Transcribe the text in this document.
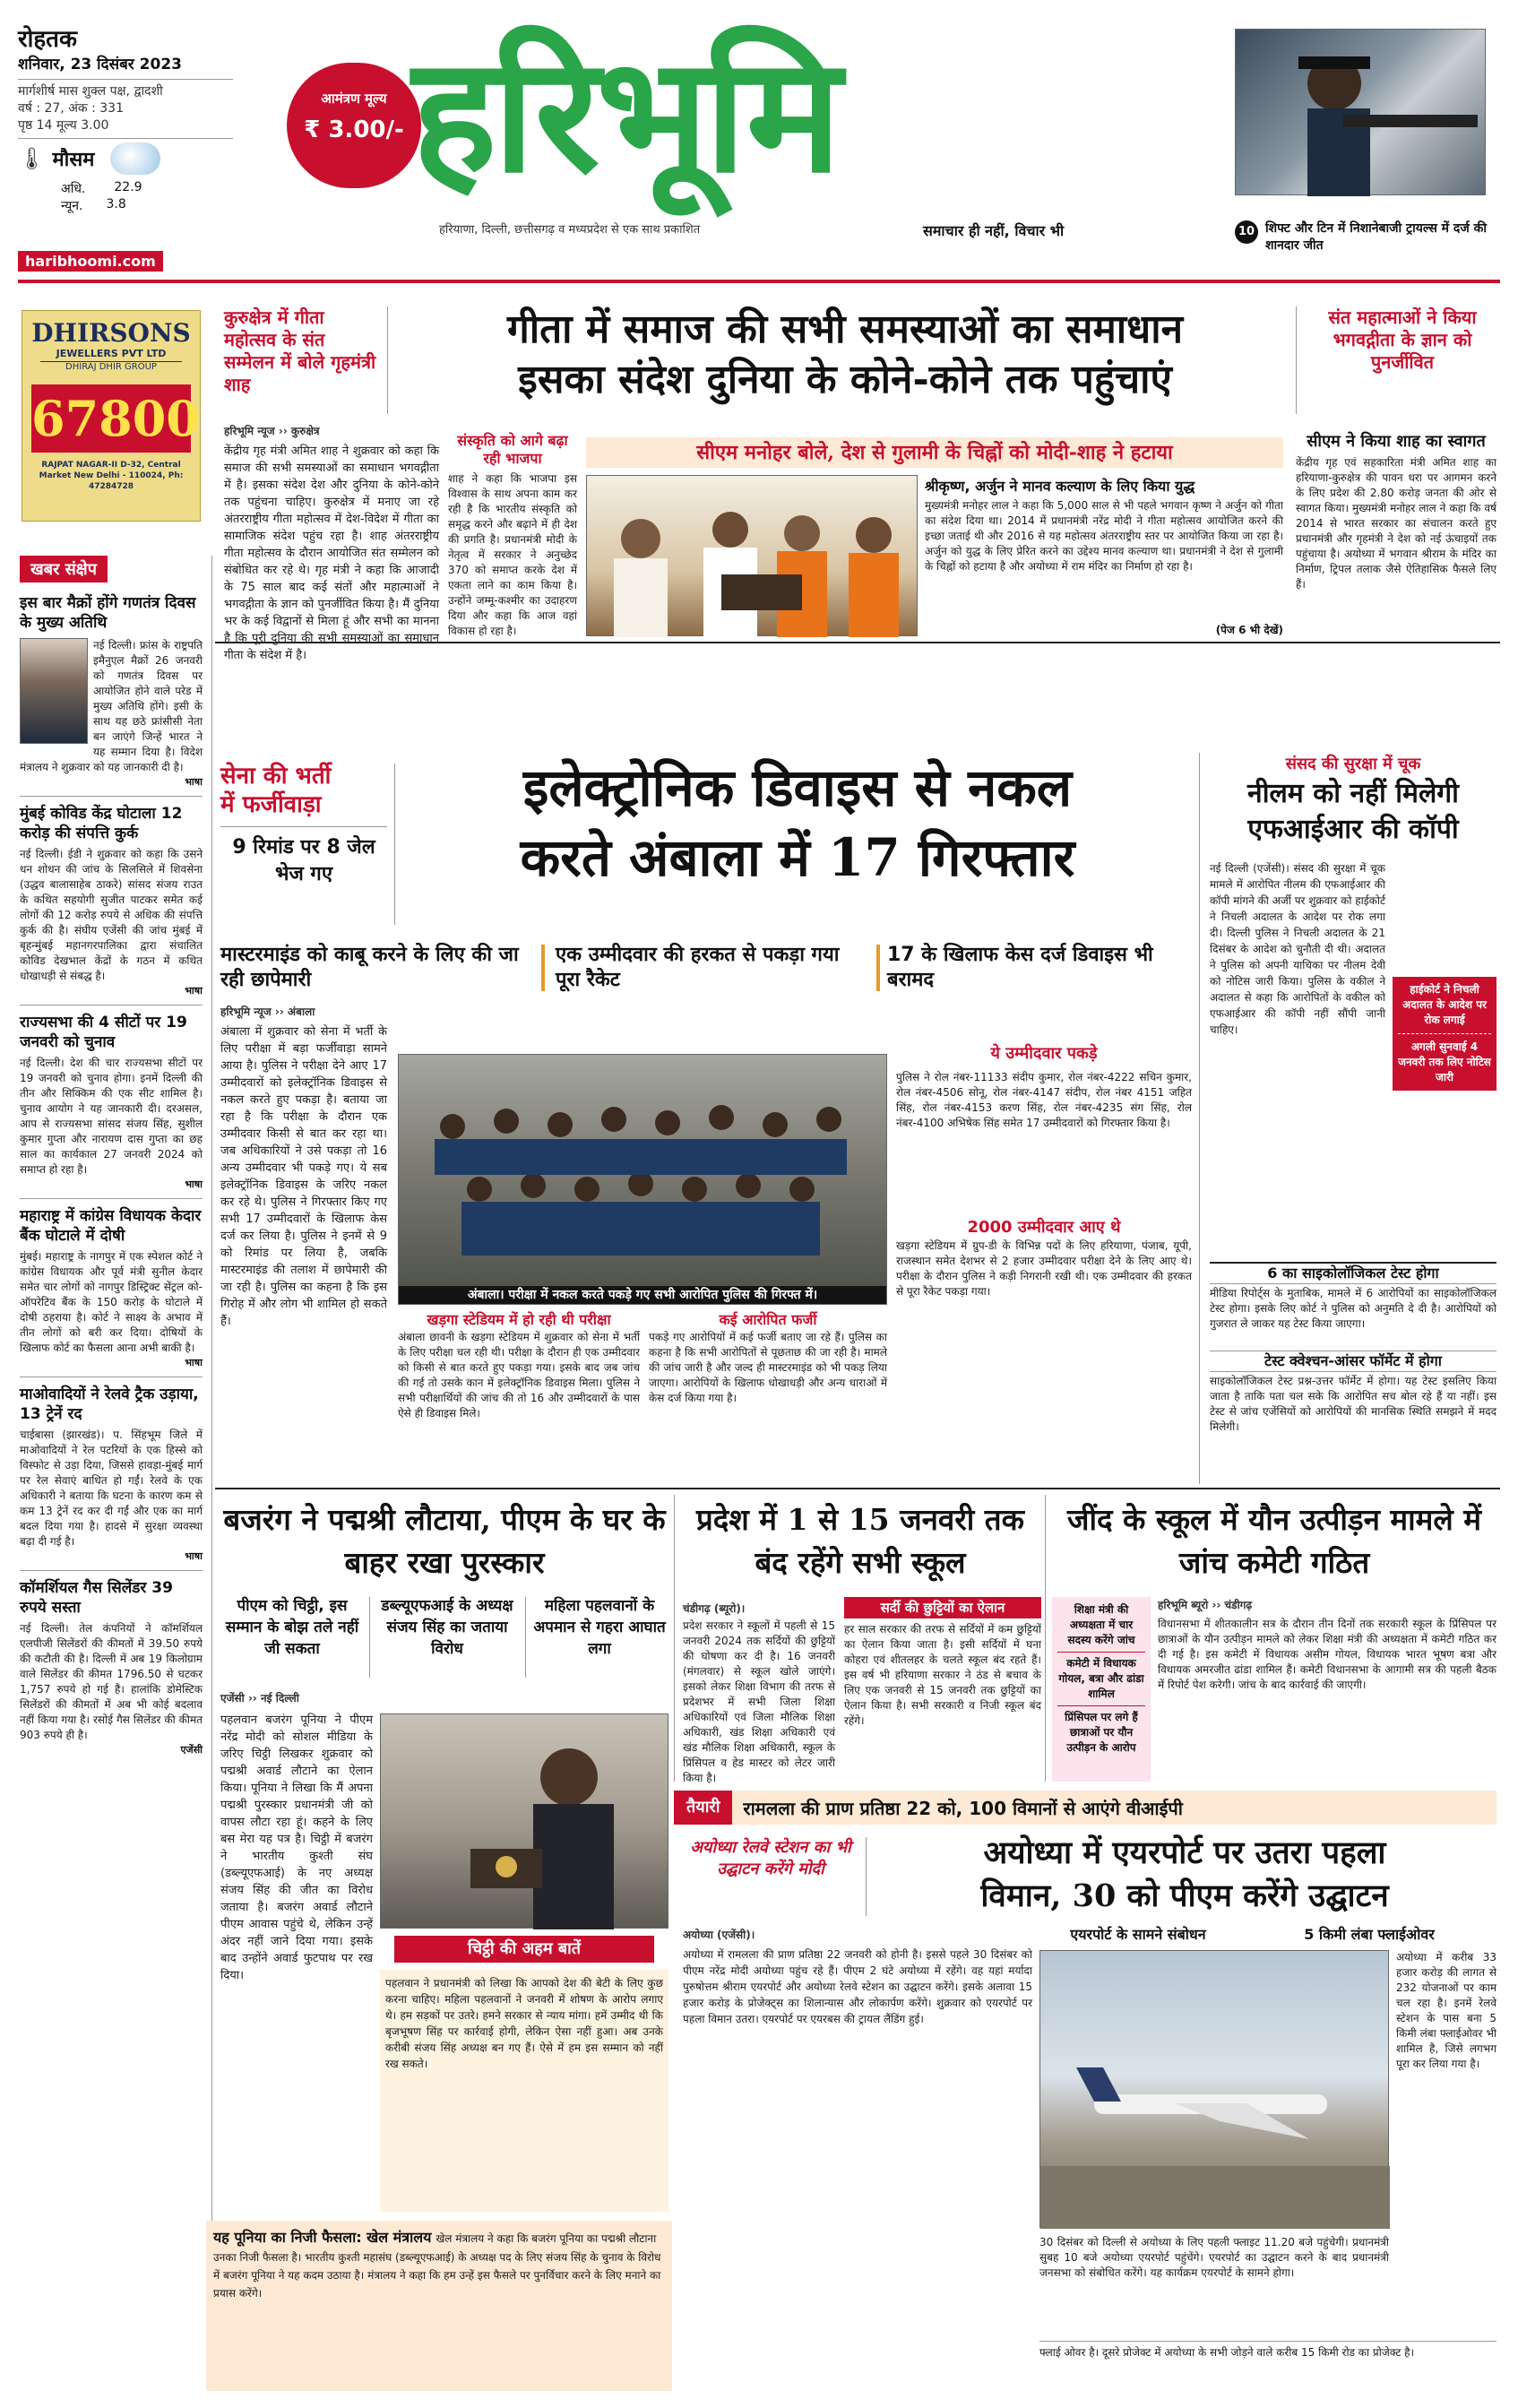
रोहतक
शनिवार, 23 दिसंबर 2023
मार्गशीर्ष मास शुक्ल पक्ष, द्वादशी
वर्ष : 27, अंक : 331
पृष्ठ 14 मूल्य 3.00
🌡 मौसम
अधि. 22.9
न्यून. 3.8
haribhoomi.com
आमंत्रण मूल्य
₹ 3.00/- हरिभूमि
हरियाणा, दिल्ली, छत्तीसगढ़ व मध्यप्रदेश से एक साथ प्रकाशित	समाचार ही नहीं, विचार भी	10 शिफ्ट और टिन में निशानेबाजी ट्रायल्स में दर्ज की शानदार जीत
DHIRSONS
JEWELLERS PVT LTD
DHIRAJ DHIR GROUP
67800
RAJPAT NAGAR-II D-32, Central Market New Delhi - 110024, Ph: 47284728
कुरुक्षेत्र में गीता महोत्सव के संत सम्मेलन में बोले गृहमंत्री शाह
गीता में समाज की सभी समस्याओं का समाधान
इसका संदेश दुनिया के कोने-कोने तक पहुंचाएं
संत महात्माओं ने किया भगवद्गीता के ज्ञान को पुनर्जीवित
हरिभूमि न्यूज ›› कुरुक्षेत्र
केंद्रीय गृह मंत्री अमित शाह ने शुक्रवार को कहा कि समाज की सभी समस्याओं का समाधान भगवद्गीता में है। इसका संदेश देश और दुनिया के कोने-कोने तक पहुंचना चाहिए। कुरुक्षेत्र में मनाए जा रहे अंतरराष्ट्रीय गीता महोत्सव में देश-विदेश में गीता का सामाजिक संदेश पहुंच रहा है। शाह अंतरराष्ट्रीय गीता महोत्सव के दौरान आयोजित संत सम्मेलन को संबोधित कर रहे थे। गृह मंत्री ने कहा कि आजादी के 75 साल बाद कई संतों और महात्माओं ने भगवद्गीता के ज्ञान को पुनर्जीवित किया है। मैं दुनिया भर के कई विद्वानों से मिला हूं और सभी का मानना है कि पूरी दुनिया की सभी समस्याओं का समाधान गीता के संदेश में है।
संस्कृति को आगे बढ़ा रही भाजपा
शाह ने कहा कि भाजपा इस विश्वास के साथ अपना काम कर रही है कि भारतीय संस्कृति को समृद्ध करने और बढ़ाने में ही देश की प्रगति है। प्रधानमंत्री मोदी के नेतृत्व में सरकार ने अनुच्छेद 370 को समाप्त करके देश में एकता लाने का काम किया है। उन्होंने जम्मू-कश्मीर का उदाहरण दिया और कहा कि आज वहां विकास हो रहा है।
सीएम मनोहर बोले, देश से गुलामी के चिह्नों को मोदी-शाह ने हटाया
श्रीकृष्ण, अर्जुन ने मानव कल्याण के लिए किया युद्ध
मुख्यमंत्री मनोहर लाल ने कहा कि 5,000 साल से भी पहले भगवान कृष्ण ने अर्जुन को गीता का संदेश दिया था। 2014 में प्रधानमंत्री नरेंद्र मोदी ने गीता महोत्सव आयोजित करने की इच्छा जताई थी और 2016 से यह महोत्सव अंतरराष्ट्रीय स्तर पर आयोजित किया जा रहा है। अर्जुन को युद्ध के लिए प्रेरित करने का उद्देश्य मानव कल्याण था। प्रधानमंत्री ने देश से गुलामी के चिह्नों को हटाया है और अयोध्या में राम मंदिर का निर्माण हो रहा है।
(पेज 6 भी देखें)
सीएम ने किया शाह का स्वागत
केंद्रीय गृह एवं सहकारिता मंत्री अमित शाह का हरियाणा-कुरुक्षेत्र की पावन धरा पर आगमन करने के लिए प्रदेश की 2.80 करोड़ जनता की ओर से स्वागत किया। मुख्यमंत्री मनोहर लाल ने कहा कि वर्ष 2014 से भारत सरकार का संचालन करते हुए प्रधानमंत्री और गृहमंत्री ने देश को नई ऊंचाइयों तक पहुंचाया है। अयोध्या में भगवान श्रीराम के मंदिर का निर्माण, ट्रिपल तलाक जैसे ऐतिहासिक फैसले लिए हैं।
खबर संक्षेप
इस बार मैक्रों होंगे गणतंत्र दिवस के मुख्य अतिथि
नई दिल्ली। फ्रांस के राष्ट्रपति इमैनुएल मैक्रों 26 जनवरी को गणतंत्र दिवस पर आयोजित होने वाले परेड में मुख्य अतिथि होंगे। इसी के साथ यह छठे फ्रांसीसी नेता बन जाएंगे जिन्हें भारत ने यह सम्मान दिया है। विदेश मंत्रालय ने शुक्रवार को यह जानकारी दी है।
भाषा
मुंबई कोविड केंद्र घोटाला 12 करोड़ की संपत्ति कुर्क
नई दिल्ली। ईडी ने शुक्रवार को कहा कि उसने धन शोधन की जांच के सिलसिले में शिवसेना (उद्धव बालासाहेब ठाकरे) सांसद संजय राउत के कथित सहयोगी सुजीत पाटकर समेत कई लोगों की 12 करोड़ रुपये से अधिक की संपत्ति कुर्क की है। संघीय एजेंसी की जांच मुंबई में बृहन्मुंबई महानगरपालिका द्वारा संचालित कोविड देखभाल केंद्रों के गठन में कथित धोखाधड़ी से संबद्ध है।
भाषा
राज्यसभा की 4 सीटों पर 19 जनवरी को चुनाव
नई दिल्ली। देश की चार राज्यसभा सीटों पर 19 जनवरी को चुनाव होगा। इनमें दिल्ली की तीन और सिक्किम की एक सीट शामिल है। चुनाव आयोग ने यह जानकारी दी। दरअसल, आप से राज्यसभा सांसद संजय सिंह, सुशील कुमार गुप्ता और नारायण दास गुप्ता का छह साल का कार्यकाल 27 जनवरी 2024 को समाप्त हो रहा है।
भाषा
महाराष्ट्र में कांग्रेस विधायक केदार बैंक घोटाले में दोषी
मुंबई। महाराष्ट्र के नागपुर में एक स्पेशल कोर्ट ने कांग्रेस विधायक और पूर्व मंत्री सुनील केदार समेत चार लोगों को नागपुर डिस्ट्रिक्ट सेंट्रल को-ऑपरेटिव बैंक के 150 करोड़ के घोटाले में दोषी ठहराया है। कोर्ट ने साक्ष्य के अभाव में तीन लोगों को बरी कर दिया। दोषियों के खिलाफ कोर्ट का फैसला आना अभी बाकी है।
भाषा
माओवादियों ने रेलवे ट्रैक उड़ाया, 13 ट्रेनें रद
चाईबासा (झारखंड)। प. सिंहभूम जिले में माओवादियों ने रेल पटरियों के एक हिस्से को विस्फोट से उड़ा दिया, जिससे हावड़ा-मुंबई मार्ग पर रेल सेवाएं बाधित हो गईं। रेलवे के एक अधिकारी ने बताया कि घटना के कारण कम से कम 13 ट्रेनें रद कर दी गईं और एक का मार्ग बदल दिया गया है। हादसे में सुरक्षा व्यवस्था बढ़ा दी गई है।
भाषा
कॉमर्शियल गैस सिलेंडर 39 रुपये सस्ता
नई दिल्ली। तेल कंपनियों ने कॉमर्शियल एलपीजी सिलेंडरों की कीमतों में 39.50 रुपये की कटौती की है। दिल्ली में अब 19 किलोग्राम वाले सिलेंडर की कीमत 1796.50 से घटकर 1,757 रुपये हो गई है। हालांकि डोमेस्टिक सिलेंडरों की कीमतों में अब भी कोई बदलाव नहीं किया गया है। रसोई गैस सिलेंडर की कीमत 903 रुपये ही है।
एजेंसी
सेना की भर्ती
में फर्जीवाड़ा
9 रिमांड पर 8 जेल भेज गए
इलेक्ट्रोनिक डिवाइस से नकल
करते अंबाला में 17 गिरफ्तार
मास्टरमाइंड को काबू करने के लिए की जा रही छापेमारी
एक उम्मीदवार की हरकत से पकड़ा गया पूरा रैकेट
17 के खिलाफ केस दर्ज डिवाइस भी बरामद
हरिभूमि न्यूज ›› अंबाला
अंबाला में शुक्रवार को सेना में भर्ती के लिए परीक्षा में बड़ा फर्जीवाड़ा सामने आया है। पुलिस ने परीक्षा देने आए 17 उम्मीदवारों को इलेक्ट्रॉनिक डिवाइस से नकल करते हुए पकड़ा है। बताया जा रहा है कि परीक्षा के दौरान एक उम्मीदवार किसी से बात कर रहा था। जब अधिकारियों ने उसे पकड़ा तो 16 अन्य उम्मीदवार भी पकड़े गए। ये सब इलेक्ट्रॉनिक डिवाइस के जरिए नकल कर रहे थे। पुलिस ने गिरफ्तार किए गए सभी 17 उम्मीदवारों के खिलाफ केस दर्ज कर लिया है। पुलिस ने इनमें से 9 को रिमांड पर लिया है, जबकि मास्टरमाइंड की तलाश में छापेमारी की जा रही है। पुलिस का कहना है कि इस गिरोह में और लोग भी शामिल हो सकते हैं।
अंबाला। परीक्षा में नकल करते पकड़े गए सभी आरोपित पुलिस की गिरफ्त में।
खड़गा स्टेडियम में हो रही थी परीक्षा
अंबाला छावनी के खड़गा स्टेडियम में शुक्रवार को सेना में भर्ती के लिए परीक्षा चल रही थी। परीक्षा के दौरान ही एक उम्मीदवार को किसी से बात करते हुए पकड़ा गया। इसके बाद जब जांच की गई तो उसके कान में इलेक्ट्रॉनिक डिवाइस मिला। पुलिस ने सभी परीक्षार्थियों की जांच की तो 16 और उम्मीदवारों के पास ऐसे ही डिवाइस मिले।
कई आरोपित फर्जी
पकड़े गए आरोपियों में कई फर्जी बताए जा रहे हैं। पुलिस का कहना है कि सभी आरोपितों से पूछताछ की जा रही है। मामले की जांच जारी है और जल्द ही मास्टरमाइंड को भी पकड़ लिया जाएगा। आरोपियों के खिलाफ धोखाधड़ी और अन्य धाराओं में केस दर्ज किया गया है।
ये उम्मीदवार पकड़े
पुलिस ने रोल नंबर-11133 संदीप कुमार, रोल नंबर-4222 सचिन कुमार, रोल नंबर-4506 सोनू, रोल नंबर-4147 संदीप, रोल नंबर 4151 जहित सिंह, रोल नंबर-4153 करण सिंह, रोल नंबर-4235 संग सिंह, रोल नंबर-4100 अभिषेक सिंह समेत 17 उम्मीदवारों को गिरफ्तार किया है।
2000 उम्मीदवार आए थे
खड़गा स्टेडियम में ग्रुप-डी के विभिन्न पदों के लिए हरियाणा, पंजाब, यूपी, राजस्थान समेत देशभर से 2 हजार उम्मीदवार परीक्षा देने के लिए आए थे। परीक्षा के दौरान पुलिस ने कड़ी निगरानी रखी थी। एक उम्मीदवार की हरकत से पूरा रैकेट पकड़ा गया।
संसद की सुरक्षा में चूक
नीलम को नहीं मिलेगी एफआईआर की कॉपी
नई दिल्ली (एजेंसी)। संसद की सुरक्षा में चूक मामले में आरोपित नीलम की एफआईआर की कॉपी मांगने की अर्जी पर शुक्रवार को हाईकोर्ट ने निचली अदालत के आदेश पर रोक लगा दी। दिल्ली पुलिस ने निचली अदालत के 21 दिसंबर के आदेश को चुनौती दी थी। अदालत ने पुलिस को अपनी याचिका पर नीलम देवी को नोटिस जारी किया। पुलिस के वकील ने अदालत से कहा कि आरोपितों के वकील को एफआईआर की कॉपी नहीं सौंपी जानी चाहिए।
हाईकोर्ट ने निचली अदालत के आदेश पर रोक लगाई
अगली सुनवाई 4 जनवरी तक लिए नोटिस जारी
6 का साइकोलॉजिकल टेस्ट होगा
मीडिया रिपोर्ट्स के मुताबिक, मामले में 6 आरोपियों का साइकोलॉजिकल टेस्ट होगा। इसके लिए कोर्ट ने पुलिस को अनुमति दे दी है। आरोपियों को गुजरात ले जाकर यह टेस्ट किया जाएगा।
टेस्ट क्वेश्चन-आंसर फॉर्मेट में होगा
साइकोलॉजिकल टेस्ट प्रश्न-उत्तर फॉर्मेट में होगा। यह टेस्ट इसलिए किया जाता है ताकि पता चल सके कि आरोपित सच बोल रहे हैं या नहीं। इस टेस्ट से जांच एजेंसियों को आरोपियों की मानसिक स्थिति समझने में मदद मिलेगी।
बजरंग ने पद्मश्री लौटाया, पीएम के घर के बाहर रखा पुरस्कार
पीएम को चिट्ठी, इस सम्मान के बोझ तले नहीं जी सकता
डब्ल्यूएफआई के अध्यक्ष संजय सिंह का जताया विरोध
महिला पहलवानों के अपमान से गहरा आघात लगा
एजेंसी ›› नई दिल्ली
पहलवान बजरंग पूनिया ने पीएम नरेंद्र मोदी को सोशल मीडिया के जरिए चिट्ठी लिखकर शुक्रवार को पद्मश्री अवार्ड लौटाने का ऐलान किया। पूनिया ने लिखा कि मैं अपना पद्मश्री पुरस्कार प्रधानमंत्री जी को वापस लौटा रहा हूं। कहने के लिए बस मेरा यह पत्र है। चिट्ठी में बजरंग ने भारतीय कुश्ती संघ (डब्ल्यूएफआई) के नए अध्यक्ष संजय सिंह की जीत का विरोध जताया है। बजरंग अवार्ड लौटाने पीएम आवास पहुंचे थे, लेकिन उन्हें अंदर नहीं जाने दिया गया। इसके बाद उन्होंने अवार्ड फुटपाथ पर रख दिया।
चिट्ठी की अहम बातें
पहलवान ने प्रधानमंत्री को लिखा कि आपको देश की बेटी के लिए कुछ करना चाहिए। महिला पहलवानों ने जनवरी में शोषण के आरोप लगाए थे। हम सड़कों पर उतरे। हमने सरकार से न्याय मांगा। हमें उम्मीद थी कि बृजभूषण सिंह पर कार्रवाई होगी, लेकिन ऐसा नहीं हुआ। अब उनके करीबी संजय सिंह अध्यक्ष बन गए हैं। ऐसे में हम इस सम्मान को नहीं रख सकते।
यह पूनिया का निजी फैसला: खेल मंत्रालय खेल मंत्रालय ने कहा कि बजरंग पूनिया का पद्मश्री लौटाना उनका निजी फैसला है। भारतीय कुश्ती महासंघ (डब्ल्यूएफआई) के अध्यक्ष पद के लिए संजय सिंह के चुनाव के विरोध में बजरंग पूनिया ने यह कदम उठाया है। मंत्रालय ने कहा कि हम उन्हें इस फैसले पर पुनर्विचार करने के लिए मनाने का प्रयास करेंगे।
प्रदेश में 1 से 15 जनवरी तक बंद रहेंगे सभी स्कूल
चंडीगढ़ (ब्यूरो)।
प्रदेश सरकार ने स्कूलों में पहली से 15 जनवरी 2024 तक सर्दियों की छुट्टियों की घोषणा कर दी है। 16 जनवरी (मंगलवार) से स्कूल खोले जाएंगे। इसको लेकर शिक्षा विभाग की तरफ से प्रदेशभर में सभी जिला शिक्षा अधिकारियों एवं जिला मौलिक शिक्षा अधिकारी, खंड शिक्षा अधिकारी एवं खंड मौलिक शिक्षा अधिकारी, स्कूल के प्रिंसिपल व हेड मास्टर को लेटर जारी किया है।
सर्दी की छुट्टियों का ऐलान
हर साल सरकार की तरफ से सर्दियों में कम छुट्टियों का ऐलान किया जाता है। इसी सर्दियों में घना कोहरा एवं शीतलहर के चलते स्कूल बंद रहते हैं। इस वर्ष भी हरियाणा सरकार ने ठंड से बचाव के लिए एक जनवरी से 15 जनवरी तक छुट्टियों का ऐलान किया है। सभी सरकारी व निजी स्कूल बंद रहेंगे।
जींद के स्कूल में यौन उत्पीड़न मामले में जांच कमेटी गठित
शिक्षा मंत्री की अध्यक्षता में चार सदस्य करेंगे जांच
कमेटी में विधायक गोयल, बत्रा और ढांडा शामिल
प्रिंसिपल पर लगे हैं छात्राओं पर यौन उत्पीड़न के आरोप
हरिभूमि ब्यूरो ›› चंडीगढ़
विधानसभा में शीतकालीन सत्र के दौरान तीन दिनों तक सरकारी स्कूल के प्रिंसिपल पर छात्राओं के यौन उत्पीड़न मामले को लेकर शिक्षा मंत्री की अध्यक्षता में कमेटी गठित कर दी गई है। इस कमेटी में विधायक असीम गोयल, विधायक भारत भूषण बत्रा और विधायक अमरजीत ढांडा शामिल हैं। कमेटी विधानसभा के आगामी सत्र की पहली बैठक में रिपोर्ट पेश करेगी। जांच के बाद कार्रवाई की जाएगी।
तैयारी	रामलला की प्राण प्रतिष्ठा 22 को, 100 विमानों से आएंगे वीआईपी
अयोध्या रेलवे स्टेशन का भी उद्घाटन करेंगे मोदी	अयोध्या में एयरपोर्ट पर उतरा पहला
विमान, 30 को पीएम करेंगे उद्घाटन
अयोध्या (एजेंसी)।
अयोध्या में रामलला की प्राण प्रतिष्ठा 22 जनवरी को होनी है। इससे पहले 30 दिसंबर को पीएम नरेंद्र मोदी अयोध्या पहुंच रहे हैं। पीएम 2 घंटे अयोध्या में रहेंगे। वह यहां मर्यादा पुरुषोत्तम श्रीराम एयरपोर्ट और अयोध्या रेलवे स्टेशन का उद्घाटन करेंगे। इसके अलावा 15 हजार करोड़ के प्रोजेक्ट्स का शिलान्यास और लोकार्पण करेंगे। शुक्रवार को एयरपोर्ट पर पहला विमान उतरा। एयरपोर्ट पर एयरबस की ट्रायल लैंडिंग हुई।
एयरपोर्ट के सामने संबोधन	5 किमी लंबा फ्लाईओवर
30 दिसंबर को दिल्ली से अयोध्या के लिए पहली फ्लाइट 11.20 बजे पहुंचेगी। प्रधानमंत्री सुबह 10 बजे अयोध्या एयरपोर्ट पहुंचेंगे। एयरपोर्ट का उद्घाटन करने के बाद प्रधानमंत्री जनसभा को संबोधित करेंगे। यह कार्यक्रम एयरपोर्ट के सामने होगा।
अयोध्या में करीब 33 हजार करोड़ की लागत से 232 योजनाओं पर काम चल रहा है। इनमें रेलवे स्टेशन के पास बना 5 किमी लंबा फ्लाईओवर भी शामिल है, जिसे लगभग पूरा कर लिया गया है।
फ्लाई ओवर है। दूसरे प्रोजेक्ट में अयोध्या के सभी जोड़ने वाले करीब 15 किमी रोड का प्रोजेक्ट है।
